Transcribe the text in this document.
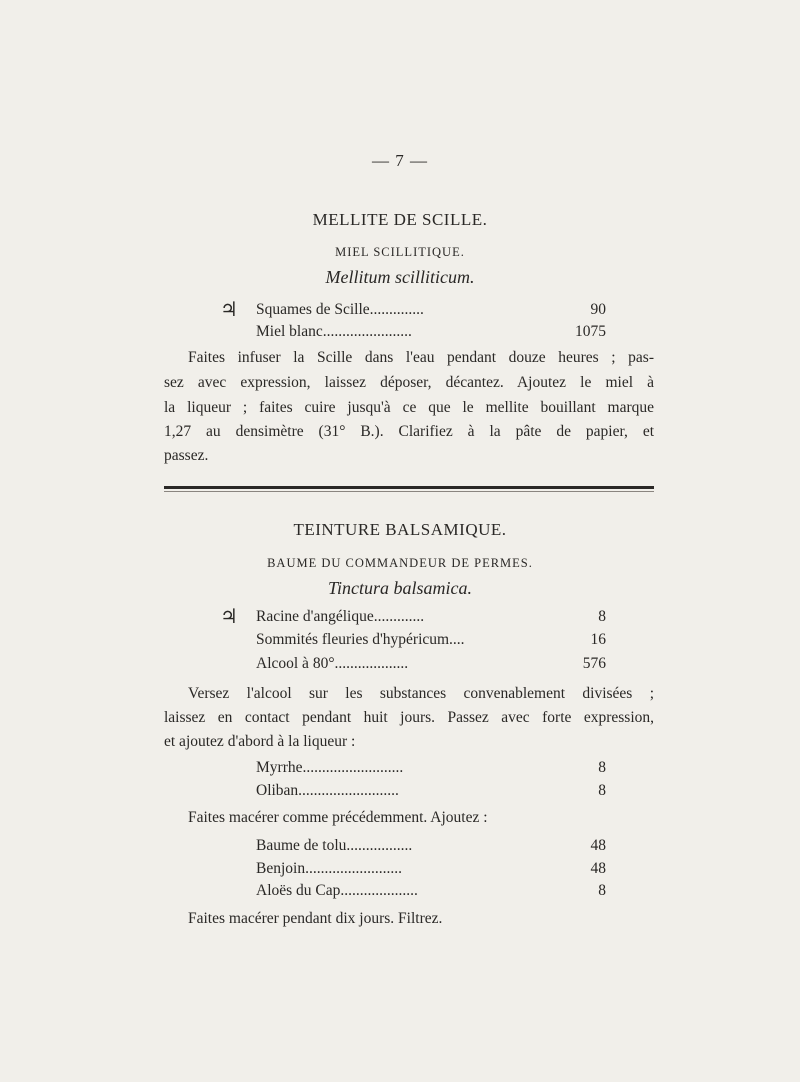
— 7 —
MELLITE DE SCILLE.
MIEL SCILLITIQUE.
Mellitum scilliticum.
♃ Squames de Scille..............	90
Miel blanc.......................	1075
Faites infuser la Scille dans l'eau pendant douze heures ; pas-
sez avec expression, laissez déposer, décantez. Ajoutez le miel à
la liqueur ; faites cuire jusqu'à ce que le mellite bouillant marque
1,27 au densimètre (31° B.). Clarifiez à la pâte de papier, et
passez.
TEINTURE BALSAMIQUE.
BAUME DU COMMANDEUR DE PERMES.
Tinctura balsamica.
♃ Racine d'angélique.............	8
Sommités fleuries d'hypéricum....	16
Alcool à 80°...................	576
Versez l'alcool sur les substances convenablement divisées ;
laissez en contact pendant huit jours. Passez avec forte expression,
et ajoutez d'abord à la liqueur :
Myrrhe..........................	8
Oliban..........................	8
Faites macérer comme précédemment. Ajoutez :
Baume de tolu.................	48
Benjoin.........................	48
Aloës du Cap....................	8
Faites macérer pendant dix jours. Filtrez.
